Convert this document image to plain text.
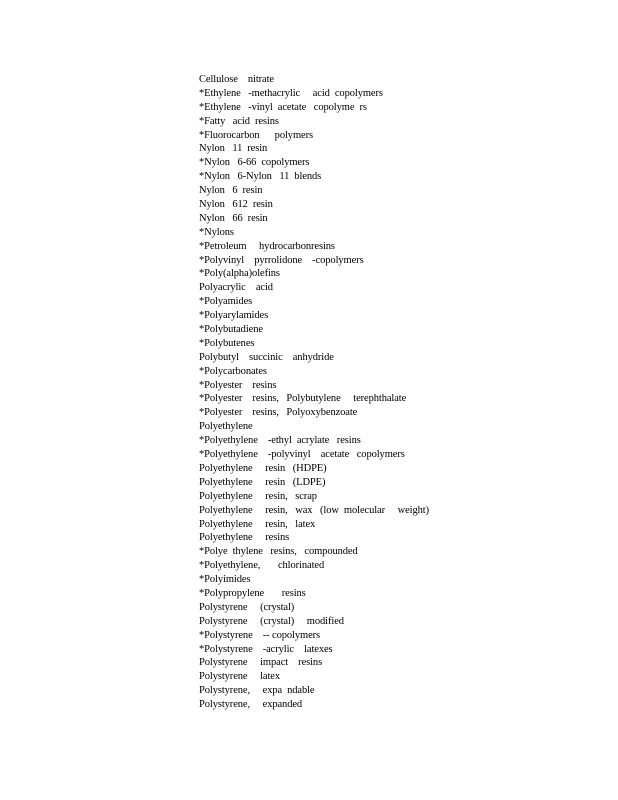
Cellulose    nitrate
*Ethylene   -methacrylic     acid  copolymers
*Ethylene   -vinyl  acetate   copolyme  rs
*Fatty   acid  resins
*Fluorocarbon      polymers
Nylon   11  resin
*Nylon   6-66  copolymers
*Nylon   6-Nylon   11  blends
Nylon   6  resin
Nylon   612  resin
Nylon   66  resin
*Nylons
*Petroleum     hydrocarbonresins
*Polyvinyl    pyrrolidone    -copolymers
*Poly(alpha)olefins
Polyacrylic    acid
*Polyamides
*Polyarylamides
*Polybutadiene
*Polybutenes
Polybutyl    succinic    anhydride
*Polycarbonates
*Polyester    resins
*Polyester    resins,   Polybutylene     terephthalate
*Polyester    resins,   Polyoxybenzoate
Polyethylene
*Polyethylene    -ethyl  acrylate   resins
*Polyethylene    -polyvinyl    acetate   copolymers
Polyethylene     resin   (HDPE)
Polyethylene     resin   (LDPE)
Polyethylene     resin,   scrap
Polyethylene     resin,   wax   (low  molecular     weight)
Polyethylene     resin,   latex
Polyethylene     resins
*Polye  thylene   resins,   compounded
*Polyethylene,       chlorinated
*Polyimides
*Polypropylene       resins
Polystyrene     (crystal)
Polystyrene     (crystal)     modified
*Polystyrene    -- copolymers
*Polystyrene    -acrylic    latexes
Polystyrene     impact    resins
Polystyrene     latex
Polystyrene,     expa  ndable
Polystyrene,     expanded
